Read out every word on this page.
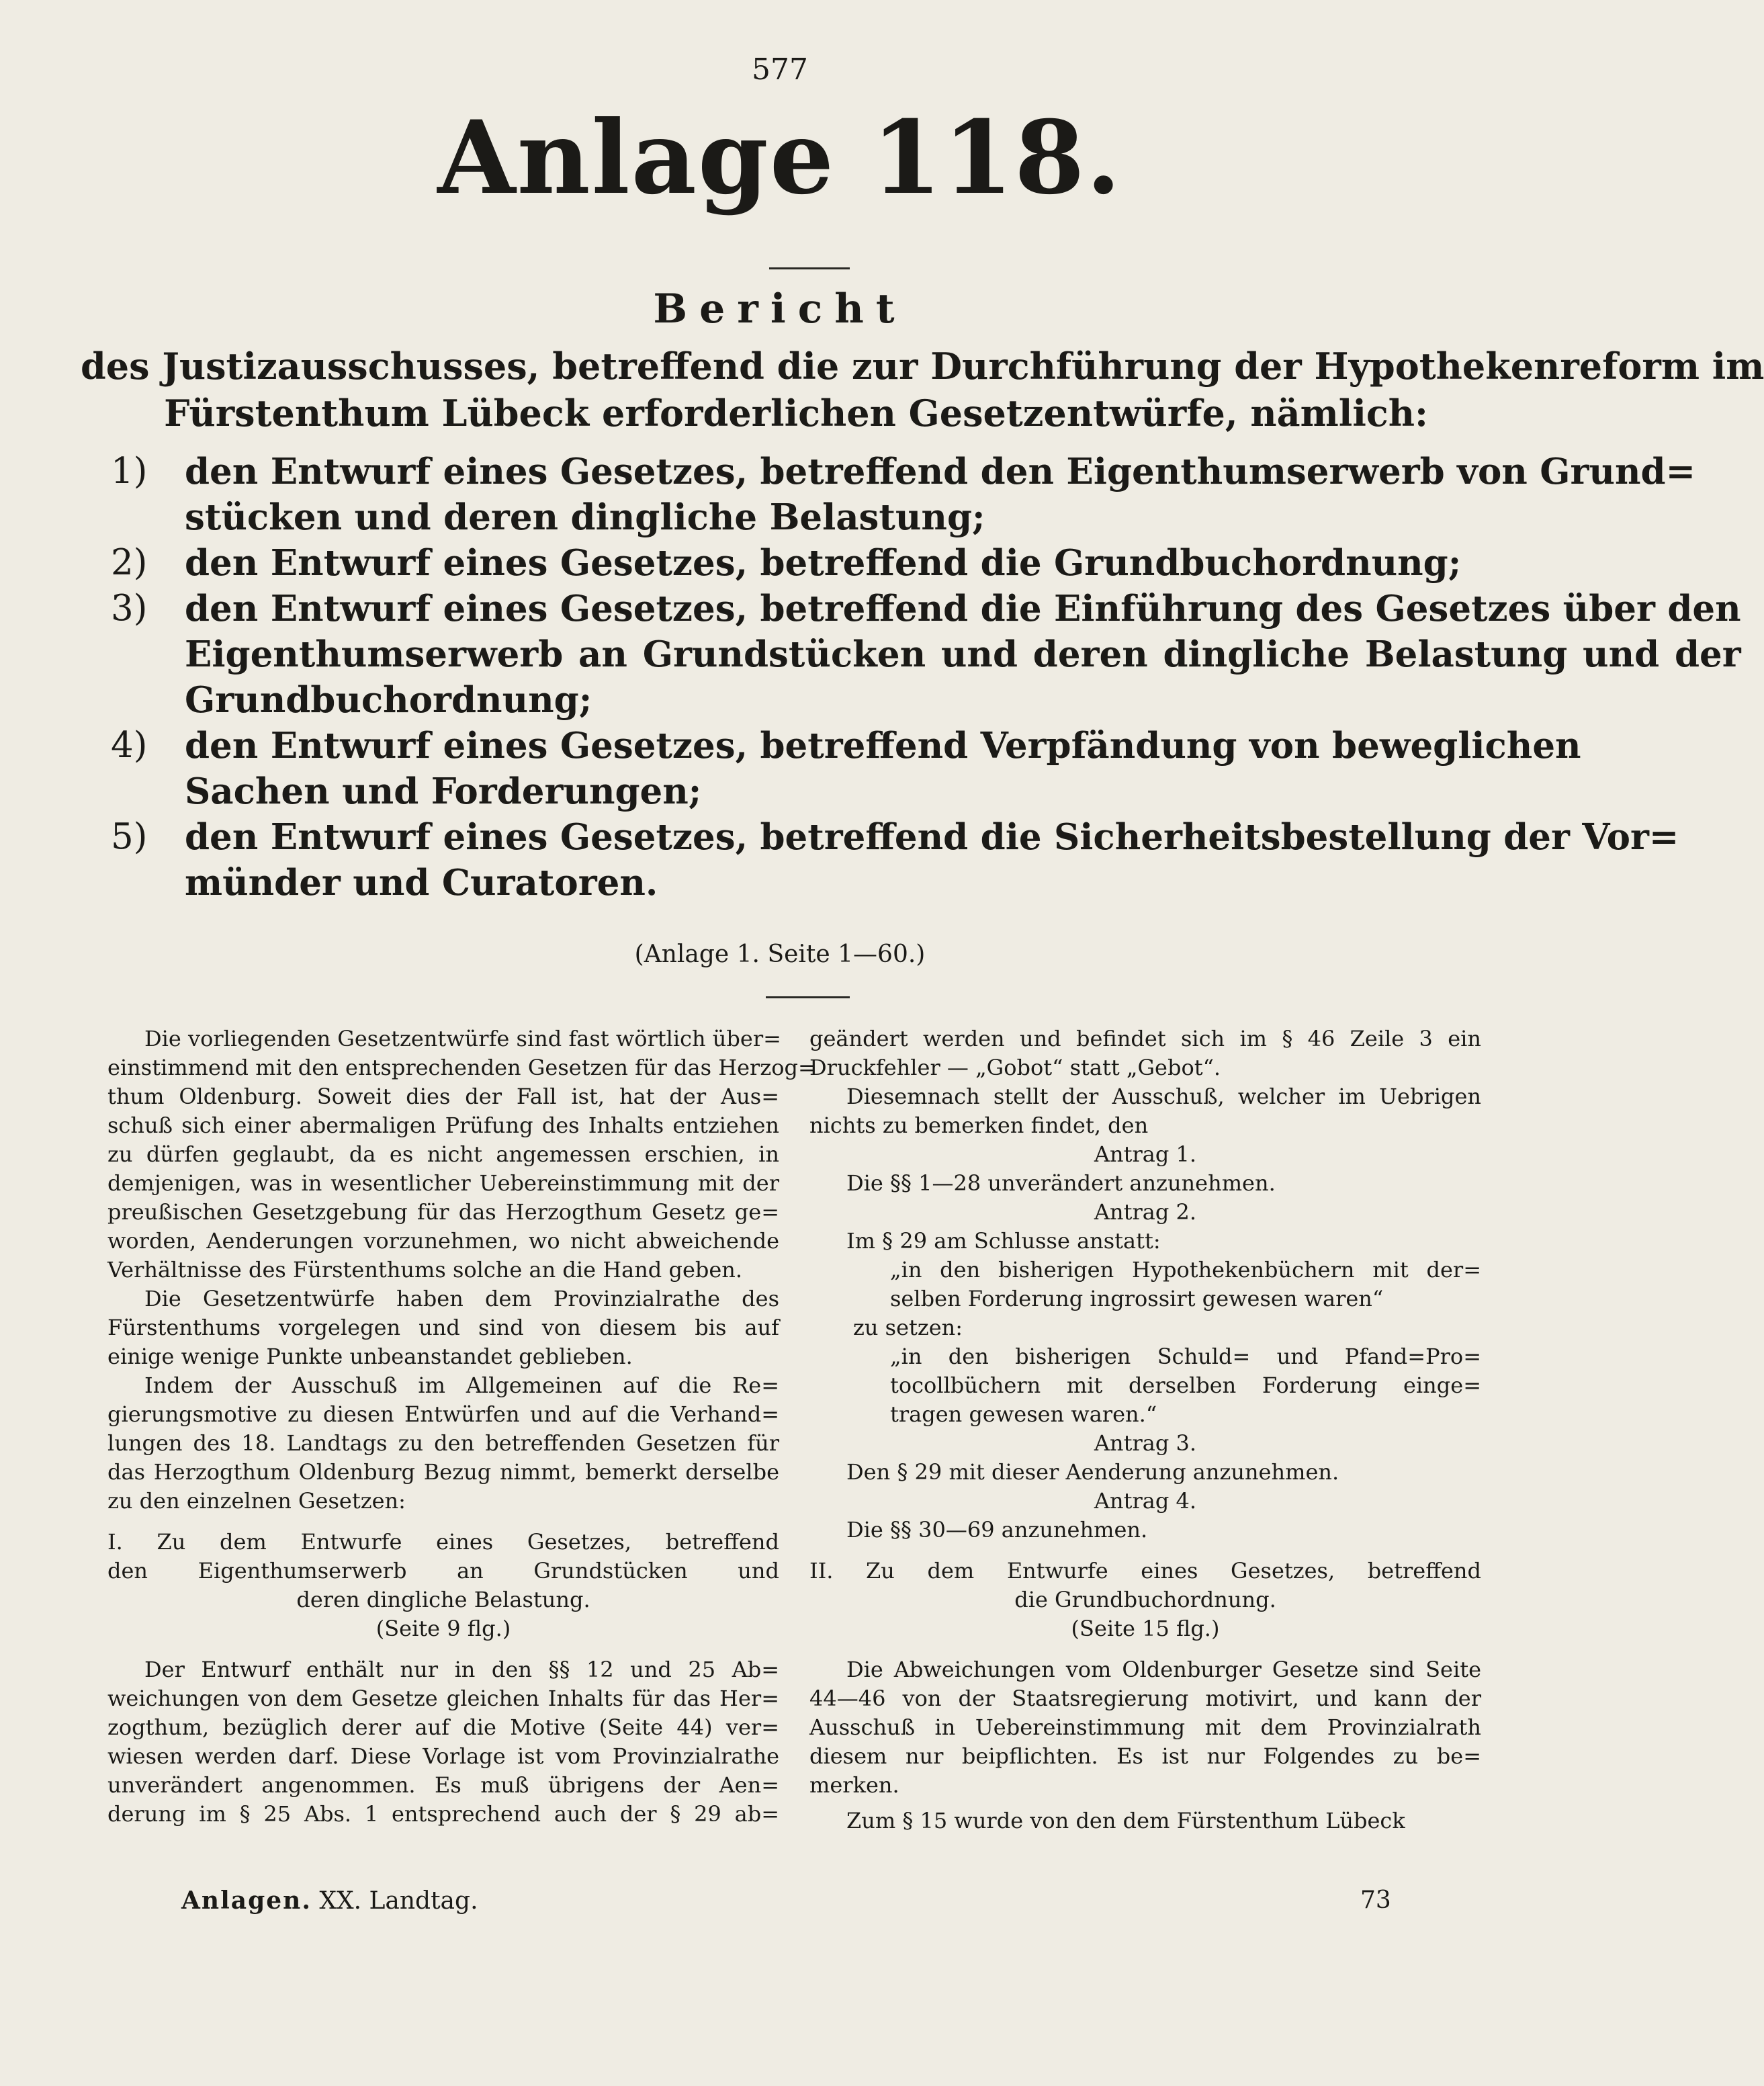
577
Anlage 118.
Bericht
des Justizausschusses, betreffend die zur Durchführung der Hypothekenreform im
Fürstenthum Lübeck erforderlichen Gesetzentwürfe, nämlich:
1)	den Entwurf eines Gesetzes, betreffend den Eigenthumserwerb von Grund=
stücken und deren dingliche Belastung;
2)	den Entwurf eines Gesetzes, betreffend die Grundbuchordnung;
3)	den Entwurf eines Gesetzes, betreffend die Einführung des Gesetzes über den
Eigenthumserwerb an Grundstücken und deren dingliche Belastung und der
Grundbuchordnung;
4)	den Entwurf eines Gesetzes, betreffend Verpfändung von beweglichen
Sachen und Forderungen;
5)	den Entwurf eines Gesetzes, betreffend die Sicherheitsbestellung der Vor=
münder und Curatoren.
(Anlage 1. Seite 1—60.)

Die vorliegenden Gesetzentwürfe sind fast wörtlich über=
einstimmend mit den entsprechenden Gesetzen für das Herzog=
thum Oldenburg. Soweit dies der Fall ist, hat der Aus=
schuß sich einer abermaligen Prüfung des Inhalts entziehen
zu dürfen geglaubt, da es nicht angemessen erschien, in
demjenigen, was in wesentlicher Uebereinstimmung mit der
preußischen Gesetzgebung für das Herzogthum Gesetz ge=
worden, Aenderungen vorzunehmen, wo nicht abweichende
Verhältnisse des Fürstenthums solche an die Hand geben.

Die Gesetzentwürfe haben dem Provinzialrathe des
Fürstenthums vorgelegen und sind von diesem bis auf
einige wenige Punkte unbeanstandet geblieben.

Indem der Ausschuß im Allgemeinen auf die Re=
gierungsmotive zu diesen Entwürfen und auf die Verhand=
lungen des 18. Landtags zu den betreffenden Gesetzen für
das Herzogthum Oldenburg Bezug nimmt, bemerkt derselbe
zu den einzelnen Gesetzen:

I. Zu dem Entwurfe eines Gesetzes, betreffend
den Eigenthumserwerb an Grundstücken und
deren dingliche Belastung.

(Seite 9 flg.)

Der Entwurf enthält nur in den §§ 12 und 25 Ab=
weichungen von dem Gesetze gleichen Inhalts für das Her=
zogthum, bezüglich derer auf die Motive (Seite 44) ver=
wiesen werden darf. Diese Vorlage ist vom Provinzialrathe
unverändert angenommen. Es muß übrigens der Aen=
derung im § 25 Abs. 1 entsprechend auch der § 29 ab=

geändert werden und befindet sich im § 46 Zeile 3 ein
Druckfehler — „Gobot“ statt „Gebot“.

Diesemnach stellt der Ausschuß, welcher im Uebrigen
nichts zu bemerken findet, den

Antrag 1.

Die §§ 1—28 unverändert anzunehmen.

Antrag 2.

Im § 29 am Schlusse anstatt:

„in den bisherigen Hypothekenbüchern mit der=
selben Forderung ingrossirt gewesen waren“

zu setzen:

„in den bisherigen Schuld= und Pfand=Pro=
tocollbüchern mit derselben Forderung einge=
tragen gewesen waren.“

Antrag 3.

Den § 29 mit dieser Aenderung anzunehmen.

Antrag 4.

Die §§ 30—69 anzunehmen.

II. Zu dem Entwurfe eines Gesetzes, betreffend
die Grundbuchordnung.

(Seite 15 flg.)

Die Abweichungen vom Oldenburger Gesetze sind Seite
44—46 von der Staatsregierung motivirt, und kann der
Ausschuß in Uebereinstimmung mit dem Provinzialrath
diesem nur beipflichten. Es ist nur Folgendes zu be=
merken.

Zum § 15 wurde von den dem Fürstenthum Lübeck

Anlagen. XX. Landtag.	73
